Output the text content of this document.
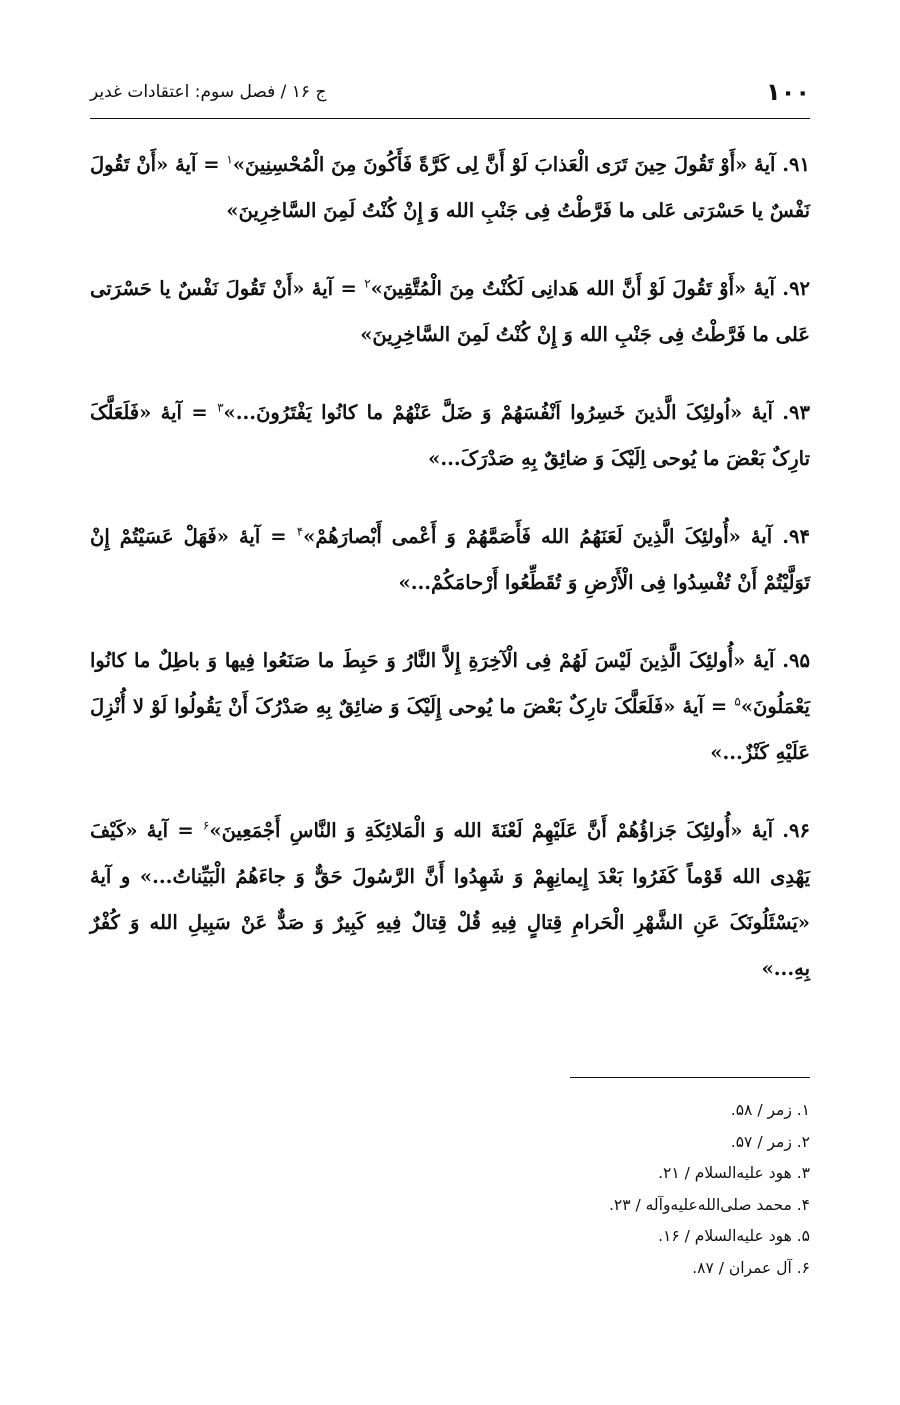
۱۰۰
ج ۱۶ / فصل سوم: اعتقادات غدیر

۹۱. آیهٔ «أَوْ تَقُولَ حِینَ تَرَی الْعَذابَ لَوْ أَنَّ لِی کَرَّةً فَأَکُونَ مِنَ الْمُحْسِنِینَ»$^۱$ = آیهٔ «أَنْ تَقُولَ نَفْسٌ یا حَسْرَتی عَلی ما فَرَّطْتُ فِی جَنْبِ الله وَ إِنْ کُنْتُ لَمِنَ السَّاخِرِینَ»

۹۲. آیهٔ «أَوْ تَقُولَ لَوْ أَنَّ الله هَدانِی لَکُنْتُ مِنَ الْمُتَّقِینَ»$^۲$ = آیهٔ «أَنْ تَقُولَ نَفْسٌ یا حَسْرَتی عَلی ما فَرَّطْتُ فِی جَنْبِ الله وَ إِنْ کُنْتُ لَمِنَ السَّاخِرِینَ»

۹۳. آیهٔ «اُولئِکَ الَّذینَ خَسِرُوا اَنْفُسَهُمْ وَ ضَلَّ عَنْهُمْ ما کانُوا یَفْتَرُونَ...»$^۳$ = آیهٔ «فَلَعَلَّکَ تارِکٌ بَعْضَ ما یُوحی اِلَیْکَ وَ ضائِقٌ بِهِ صَدْرَکَ...»

۹۴. آیهٔ «أُولئِکَ الَّذِینَ لَعَنَهُمُ الله فَأَصَمَّهُمْ وَ أَعْمی أَبْصارَهُمْ»$^۴$ = آیهٔ «فَهَلْ عَسَیْتُمْ إِنْ تَوَلَّیْتُمْ أَنْ تُفْسِدُوا فِی الْأَرْضِ وَ تُقَطِّعُوا أَرْحامَکُمْ...»

۹۵. آیهٔ «أُولئِکَ الَّذِینَ لَیْسَ لَهُمْ فِی الْآخِرَةِ إِلاَّ النَّارُ وَ حَبِطَ ما صَنَعُوا فِیها وَ باطِلٌ ما کانُوا یَعْمَلُونَ»$^۵$ = آیهٔ «فَلَعَلَّکَ تارِکٌ بَعْضَ ما یُوحی إِلَیْکَ وَ ضائِقٌ بِهِ صَدْرُکَ أَنْ یَقُولُوا لَوْ لا أُنْزِلَ عَلَیْهِ کَنْزٌ...»

۹۶. آیهٔ «أُولئِکَ جَزاؤُهُمْ أَنَّ عَلَیْهِمْ لَعْنَةَ الله وَ الْمَلائِکَةِ وَ النَّاسِ أَجْمَعِینَ»$^۶$ = آیهٔ «کَیْفَ یَهْدِی الله قَوْماً کَفَرُوا بَعْدَ إِیمانِهِمْ وَ شَهِدُوا أَنَّ الرَّسُولَ حَقٌّ وَ جاءَهُمُ الْبَیِّناتُ...» و آیهٔ «یَسْئَلُونَکَ عَنِ الشَّهْرِ الْحَرامِ قِتالٍ فِیهِ قُلْ قِتالٌ فِیهِ کَبِیرٌ وَ صَدٌّ عَنْ سَبِیلِ الله وَ کُفْرٌ بِهِ...»

۱. زمر / ۵۸.
۲. زمر / ۵۷.
۳. هود علیه‌السلام / ۲۱.
۴. محمد صلی‌الله‌علیه‌وآله / ۲۳.
۵. هود علیه‌السلام / ۱۶.
۶. آل عمران / ۸۷.
